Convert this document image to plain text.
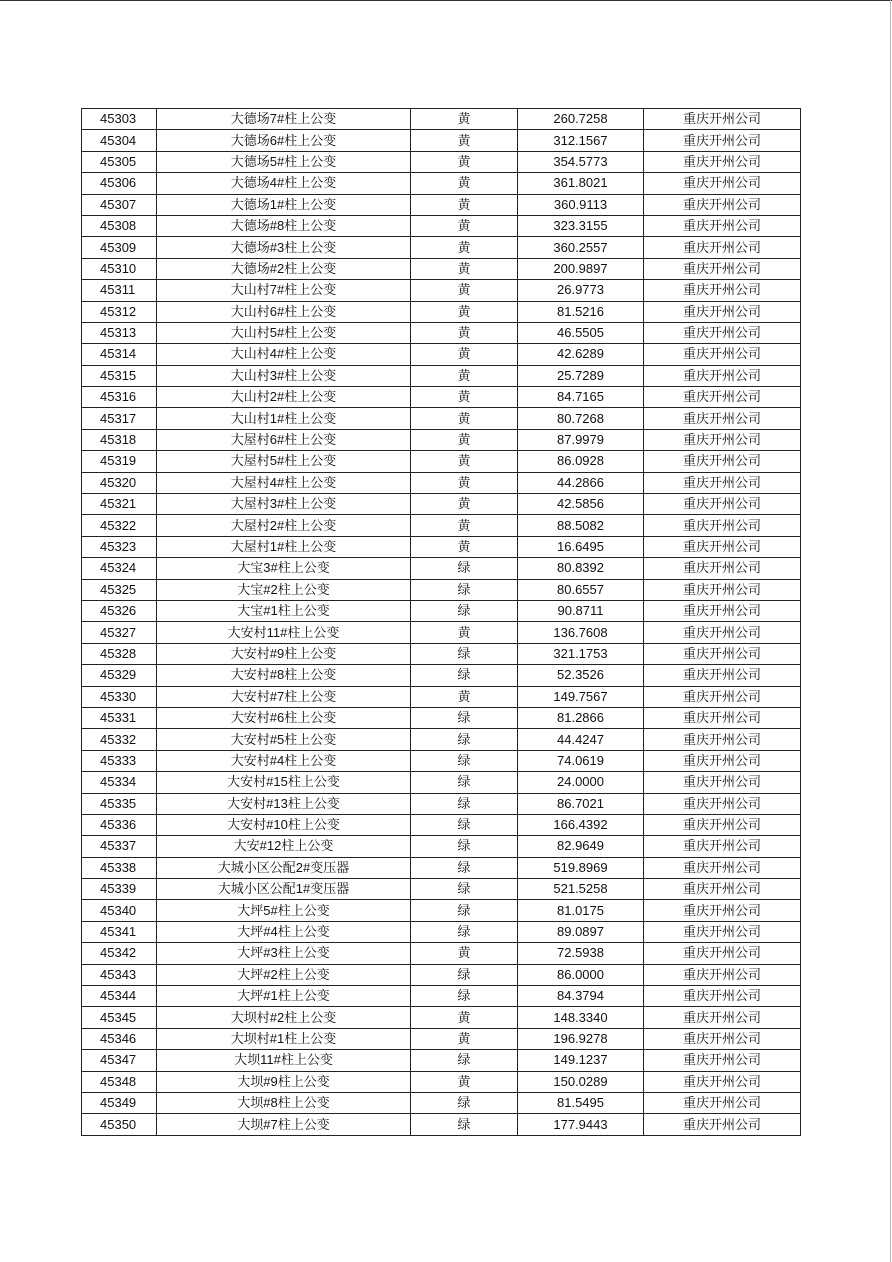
45303	大德场7#柱上公变	黄	260.7258	重庆开州公司
45304	大德场6#柱上公变	黄	312.1567	重庆开州公司
45305	大德场5#柱上公变	黄	354.5773	重庆开州公司
45306	大德场4#柱上公变	黄	361.8021	重庆开州公司
45307	大德场1#柱上公变	黄	360.9113	重庆开州公司
45308	大德场#8柱上公变	黄	323.3155	重庆开州公司
45309	大德场#3柱上公变	黄	360.2557	重庆开州公司
45310	大德场#2柱上公变	黄	200.9897	重庆开州公司
45311	大山村7#柱上公变	黄	26.9773	重庆开州公司
45312	大山村6#柱上公变	黄	81.5216	重庆开州公司
45313	大山村5#柱上公变	黄	46.5505	重庆开州公司
45314	大山村4#柱上公变	黄	42.6289	重庆开州公司
45315	大山村3#柱上公变	黄	25.7289	重庆开州公司
45316	大山村2#柱上公变	黄	84.7165	重庆开州公司
45317	大山村1#柱上公变	黄	80.7268	重庆开州公司
45318	大屋村6#柱上公变	黄	87.9979	重庆开州公司
45319	大屋村5#柱上公变	黄	86.0928	重庆开州公司
45320	大屋村4#柱上公变	黄	44.2866	重庆开州公司
45321	大屋村3#柱上公变	黄	42.5856	重庆开州公司
45322	大屋村2#柱上公变	黄	88.5082	重庆开州公司
45323	大屋村1#柱上公变	黄	16.6495	重庆开州公司
45324	大宝3#柱上公变	绿	80.8392	重庆开州公司
45325	大宝#2柱上公变	绿	80.6557	重庆开州公司
45326	大宝#1柱上公变	绿	90.8711	重庆开州公司
45327	大安村11#柱上公变	黄	136.7608	重庆开州公司
45328	大安村#9柱上公变	绿	321.1753	重庆开州公司
45329	大安村#8柱上公变	绿	52.3526	重庆开州公司
45330	大安村#7柱上公变	黄	149.7567	重庆开州公司
45331	大安村#6柱上公变	绿	81.2866	重庆开州公司
45332	大安村#5柱上公变	绿	44.4247	重庆开州公司
45333	大安村#4柱上公变	绿	74.0619	重庆开州公司
45334	大安村#15柱上公变	绿	24.0000	重庆开州公司
45335	大安村#13柱上公变	绿	86.7021	重庆开州公司
45336	大安村#10柱上公变	绿	166.4392	重庆开州公司
45337	大安#12柱上公变	绿	82.9649	重庆开州公司
45338	大城小区公配2#变压器	绿	519.8969	重庆开州公司
45339	大城小区公配1#变压器	绿	521.5258	重庆开州公司
45340	大坪5#柱上公变	绿	81.0175	重庆开州公司
45341	大坪#4柱上公变	绿	89.0897	重庆开州公司
45342	大坪#3柱上公变	黄	72.5938	重庆开州公司
45343	大坪#2柱上公变	绿	86.0000	重庆开州公司
45344	大坪#1柱上公变	绿	84.3794	重庆开州公司
45345	大坝村#2柱上公变	黄	148.3340	重庆开州公司
45346	大坝村#1柱上公变	黄	196.9278	重庆开州公司
45347	大坝11#柱上公变	绿	149.1237	重庆开州公司
45348	大坝#9柱上公变	黄	150.0289	重庆开州公司
45349	大坝#8柱上公变	绿	81.5495	重庆开州公司
45350	大坝#7柱上公变	绿	177.9443	重庆开州公司
